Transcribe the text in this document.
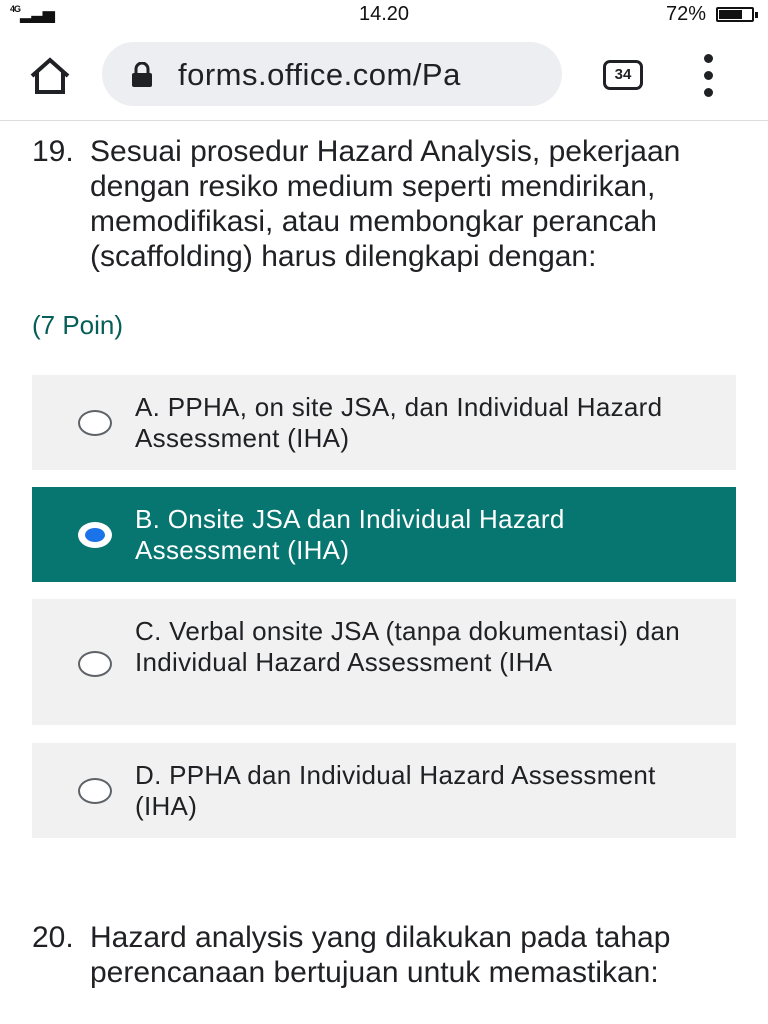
$^{4G}$▂▃▅	14.20	72%
forms.office.com/Pa	34
19. Sesuai prosedur Hazard Analysis, pekerjaan dengan resiko medium seperti mendirikan, memodifikasi, atau membongkar perancah (scaffolding) harus dilengkapi dengan:
(7 Poin)
A. PPHA, on site JSA, dan Individual Hazard Assessment (IHA)
B. Onsite JSA dan Individual Hazard Assessment (IHA)
C. Verbal onsite JSA (tanpa dokumentasi) dan Individual Hazard Assessment (IHA
D. PPHA dan Individual Hazard Assessment (IHA)
20. Hazard analysis yang dilakukan pada tahap perencanaan bertujuan untuk memastikan:
